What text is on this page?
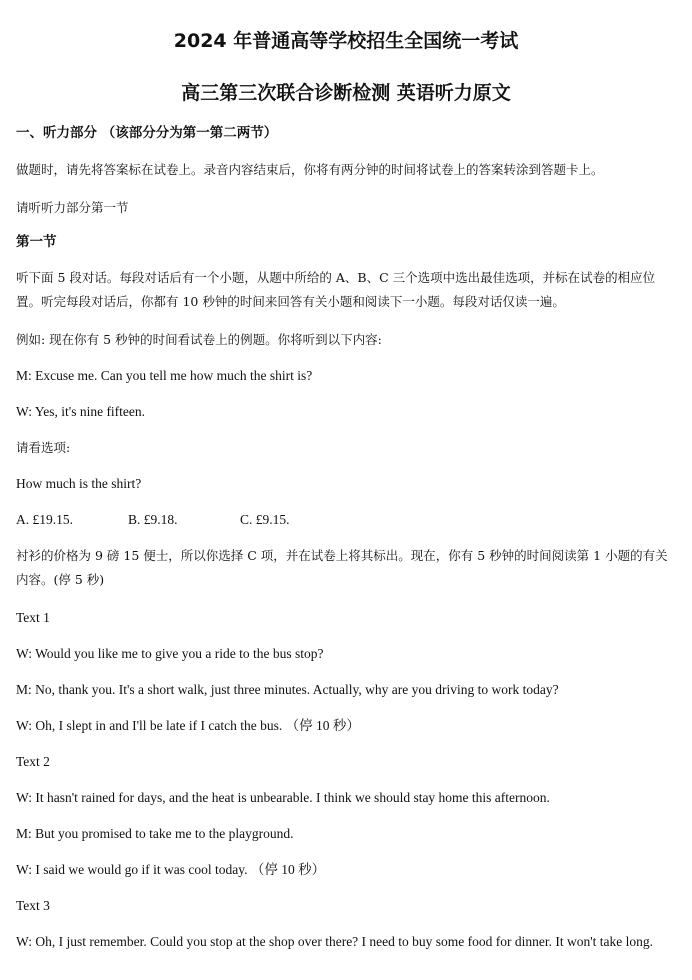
2024 年普通高等学校招生全国统一考试
高三第三次联合诊断检测 英语听力原文
一、听力部分 （该部分分为第一第二两节）
做题时，请先将答案标在试卷上。录音内容结束后，你将有两分钟的时间将试卷上的答案转涂到答题卡上。
请听听力部分第一节
第一节
听下面 5 段对话。每段对话后有一个小题，从题中所给的 A、B、C 三个选项中选出最佳选项，并标在试卷的相应位置。听完每段对话后，你都有 10 秒钟的时间来回答有关小题和阅读下一小题。每段对话仅读一遍。
例如: 现在你有 5 秒钟的时间看试卷上的例题。你将听到以下内容:
M: Excuse me. Can you tell me how much the shirt is?
W: Yes, it's nine fifteen.
请看选项:
How much is the shirt?
A. £19.15.	B. £9.18.	C. £9.15.
衬衫的价格为 9 磅 15 便士，所以你选择 C 项，并在试卷上将其标出。现在，你有 5 秒钟的时间阅读第 1 小题的有关内容。(停 5 秒)
Text 1
W: Would you like me to give you a ride to the bus stop?
M: No, thank you. It's a short walk, just three minutes. Actually, why are you driving to work today?
W: Oh, I slept in and I'll be late if I catch the bus. （停 10 秒）
Text 2
W: It hasn't rained for days, and the heat is unbearable. I think we should stay home this afternoon.
M: But you promised to take me to the playground.
W: I said we would go if it was cool today. （停 10 秒）
Text 3
W: Oh, I just remember. Could you stop at the shop over there? I need to buy some food for dinner. It won't take long.
